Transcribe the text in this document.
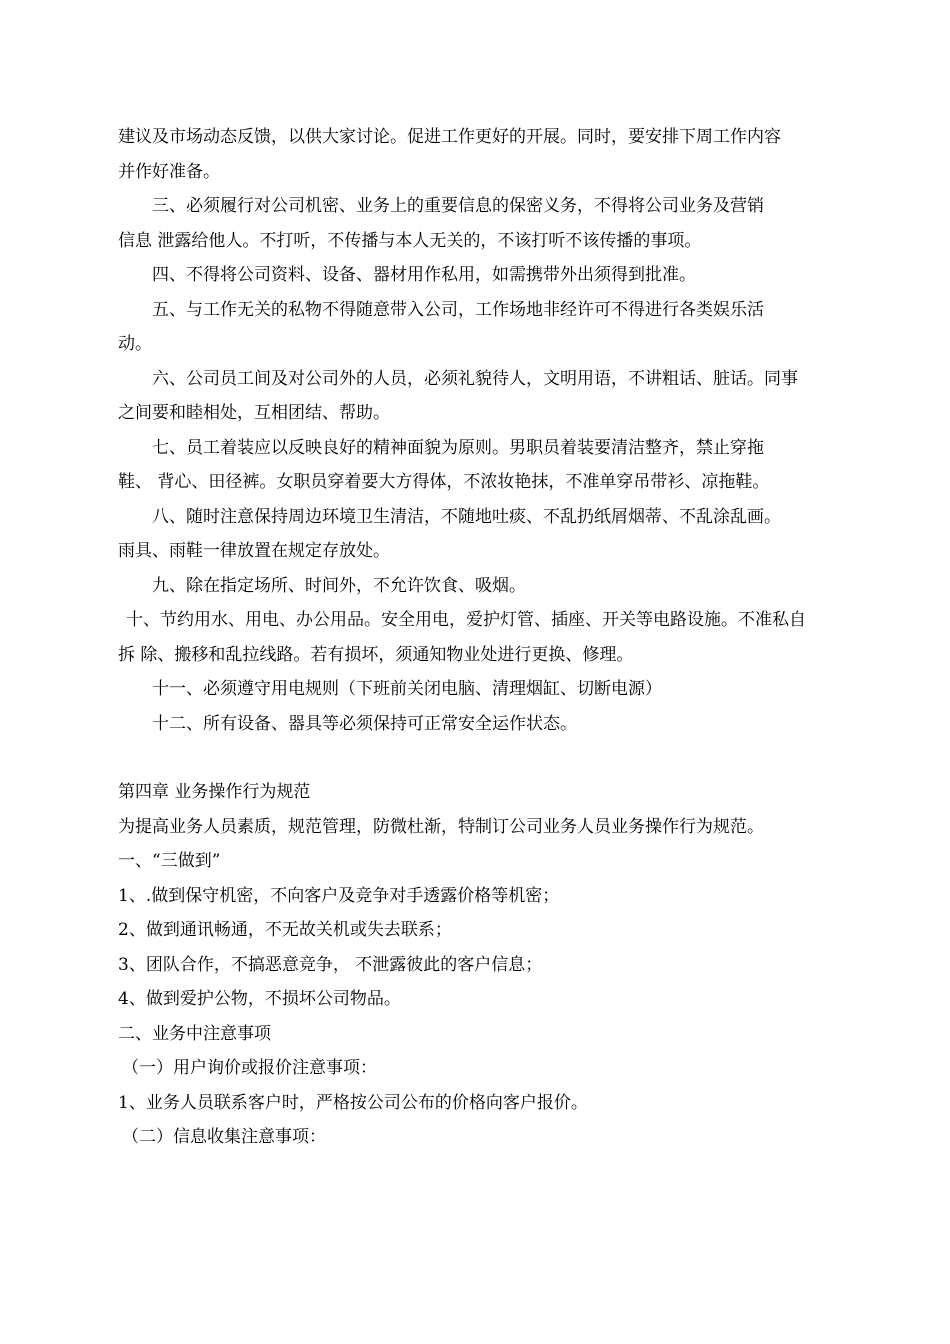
建议及市场动态反馈，以供大家讨论。促进工作更好的开展。同时，要安排下周工作内容
并作好准备。
三、必须履行对公司机密、业务上的重要信息的保密义务，不得将公司业务及营销
信息 泄露给他人。不打听，不传播与本人无关的，不该打听不该传播的事项。
四、不得将公司资料、设备、器材用作私用，如需携带外出须得到批准。
五、与工作无关的私物不得随意带入公司，工作场地非经许可不得进行各类娱乐活
动。
六、公司员工间及对公司外的人员，必须礼貌待人，文明用语，不讲粗话、脏话。同事
之间要和睦相处，互相团结、帮助。
七、员工着装应以反映良好的精神面貌为原则。男职员着装要清洁整齐，禁止穿拖
鞋、 背心、田径裤。女职员穿着要大方得体，不浓妆艳抹，不准单穿吊带衫、凉拖鞋。
八、随时注意保持周边环境卫生清洁，不随地吐痰、不乱扔纸屑烟蒂、不乱涂乱画。
雨具、雨鞋一律放置在规定存放处。
九、除在指定场所、时间外，不允许饮食、吸烟。
十、节约用水、用电、办公用品。安全用电，爱护灯管、插座、开关等电路设施。不准私自
拆 除、搬移和乱拉线路。若有损坏，须通知物业处进行更换、修理。
十一、必须遵守用电规则（下班前关闭电脑、清理烟缸、切断电源）
十二、所有设备、器具等必须保持可正常安全运作状态。
第四章 业务操作行为规范
为提高业务人员素质，规范管理，防微杜渐，特制订公司业务人员业务操作行为规范。
一、“三做到”
1、.做到保守机密，不向客户及竞争对手透露价格等机密；
2、做到通讯畅通，不无故关机或失去联系；
3、团队合作，不搞恶意竞争， 不泄露彼此的客户信息；
4、做到爱护公物，不损坏公司物品。
二、业务中注意事项
（一）用户询价或报价注意事项：
1、业务人员联系客户时，严格按公司公布的价格向客户报价。
（二）信息收集注意事项：
